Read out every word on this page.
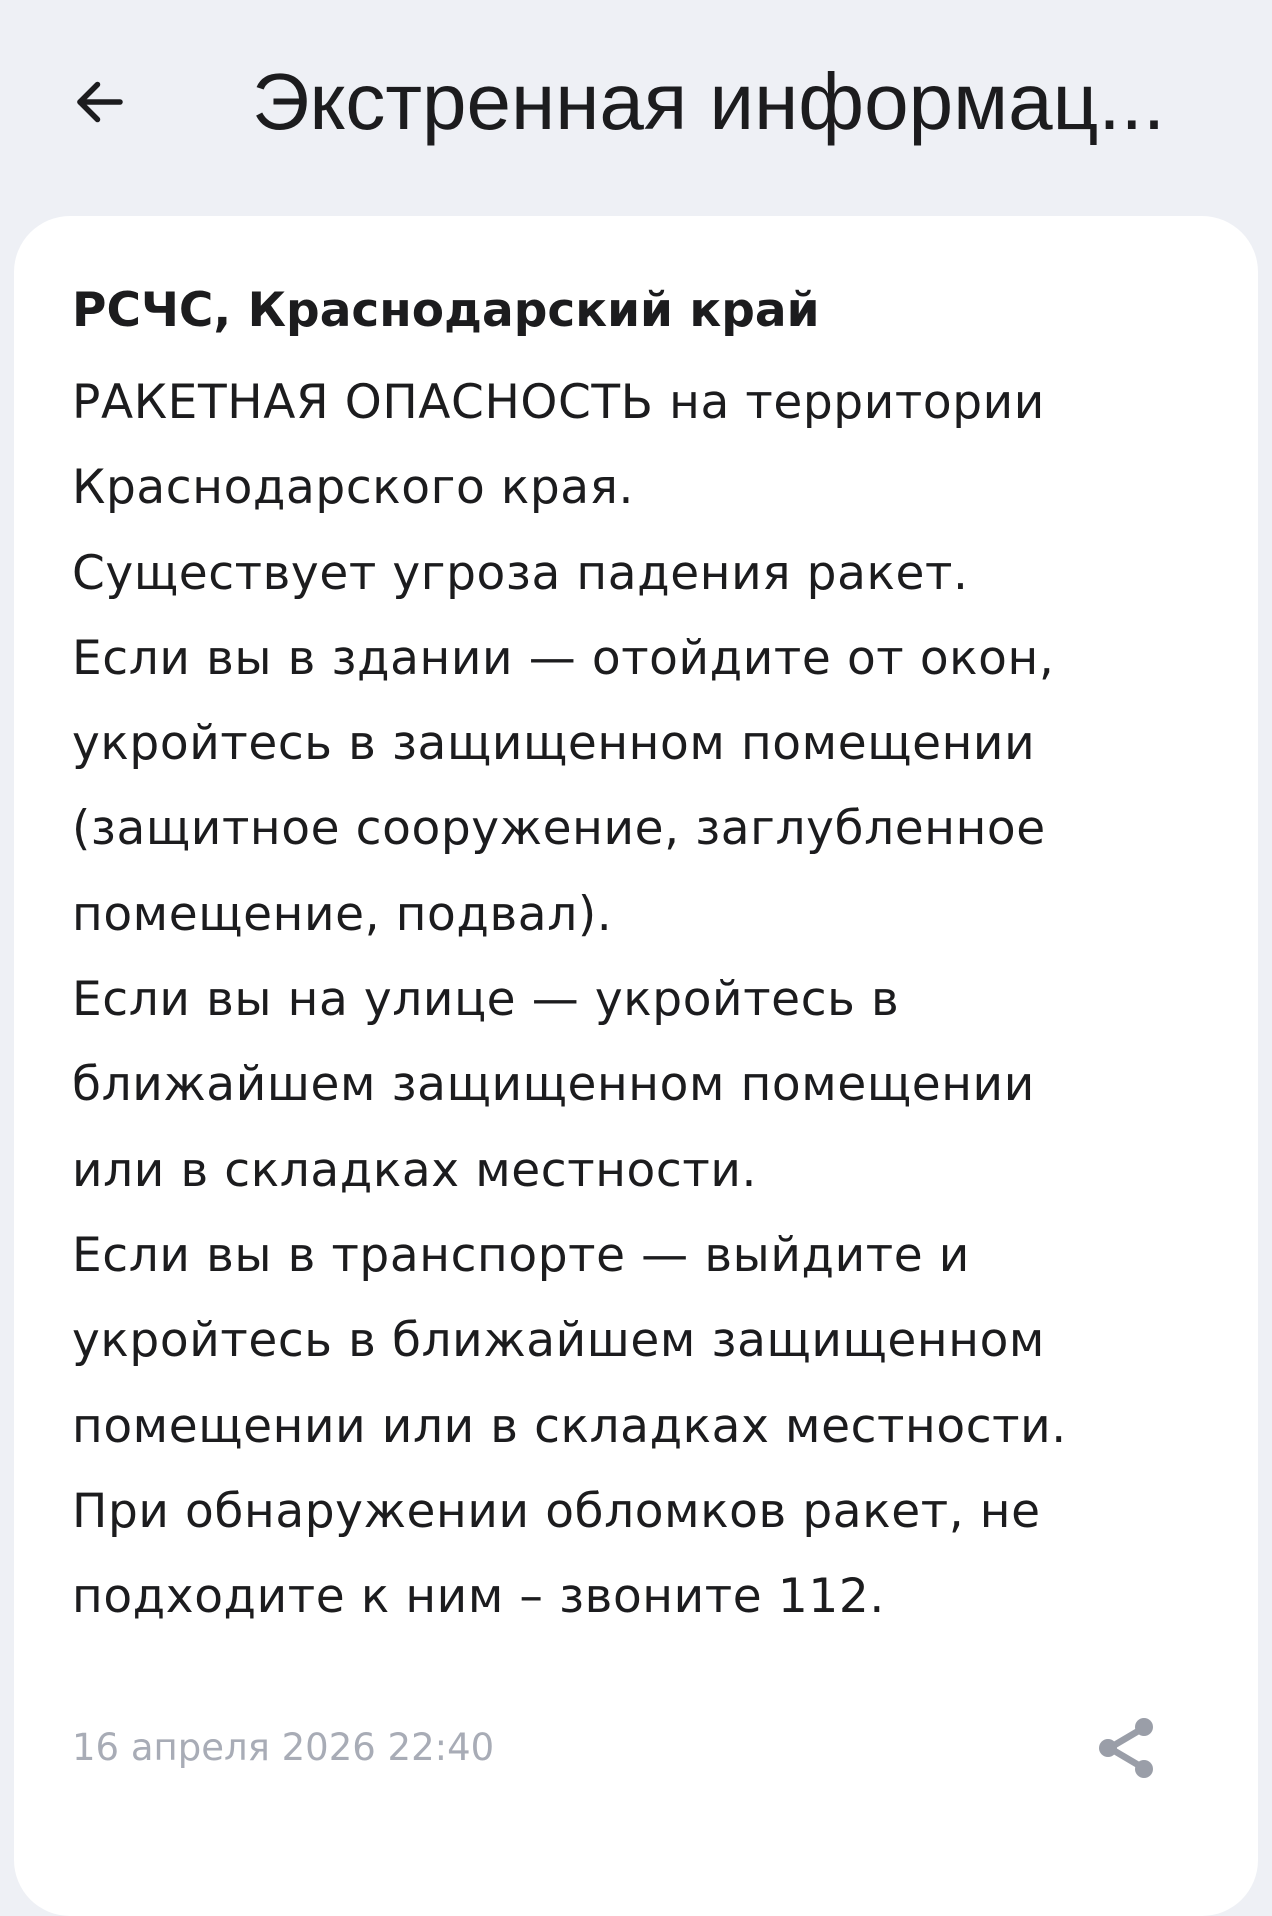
Экстренная информац...
РСЧС, Краснодарский край
РАКЕТНАЯ ОПАСНОСТЬ на территории
Краснодарского края.
Существует угроза падения ракет.
Если вы в здании — отойдите от окон,
укройтесь в защищенном помещении
(защитное сооружение, заглубленное
помещение, подвал).
Если вы на улице — укройтесь в
ближайшем защищенном помещении
или в складках местности.
Если вы в транспорте — выйдите и
укройтесь в ближайшем защищенном
помещении или в складках местности.
При обнаружении обломков ракет, не
подходите к ним – звоните 112.
16 апреля 2026 22:40
